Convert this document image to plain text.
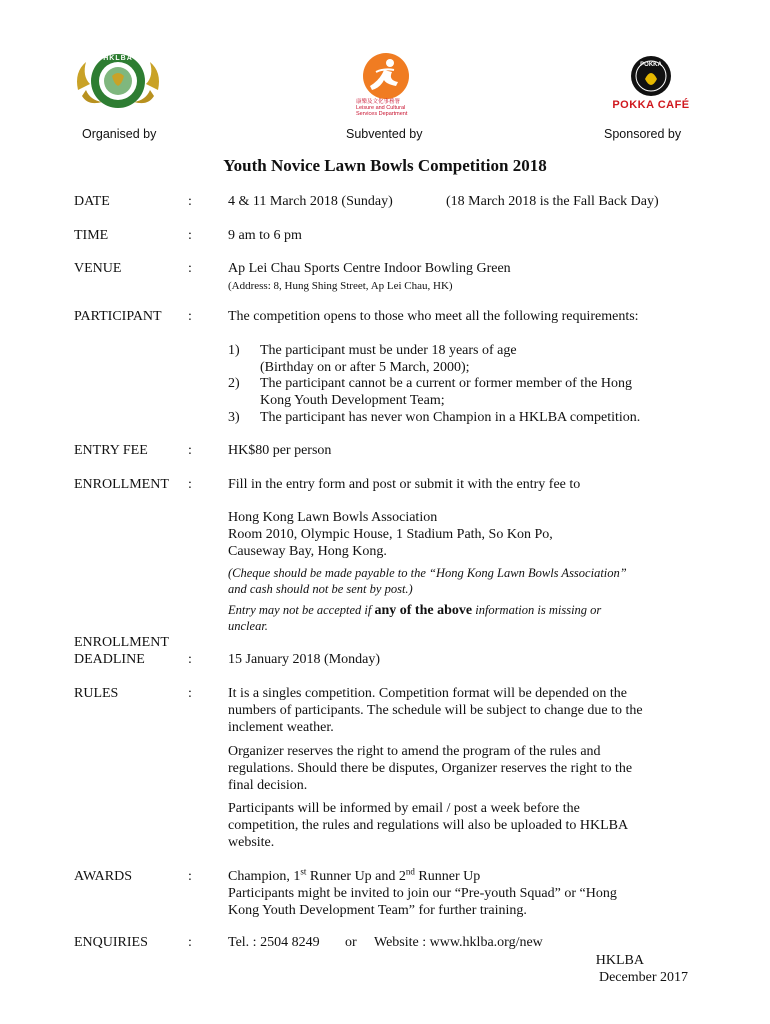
HKLBA
康樂及文化事務署 Leisure and Cultural Services Department
POKKA
POKKA CAFÉ
Organised by	Subvented by	Sponsored by
Youth Novice Lawn Bowls Competition 2018
DATE	:	4 & 11 March 2018 (Sunday)	(18 March 2018 is the Fall Back Day)
TIME	:	9 am to 6 pm
VENUE	:	Ap Lei Chau Sports Centre Indoor Bowling Green
(Address: 8, Hung Shing Street, Ap Lei Chau, HK)
PARTICIPANT :	The competition opens to those who meet all the following requirements:
1) The participant must be under 18 years of age
(Birthday on or after 5 March, 2000);
2) The participant cannot be a current or former member of the Hong
Kong Youth Development Team;
3) The participant has never won Champion in a HKLBA competition.
ENTRY FEE	:	HK$80 per person
ENROLLMENT :	Fill in the entry form and post or submit it with the entry fee to
Hong Kong Lawn Bowls Association
Room 2010, Olympic House, 1 Stadium Path, So Kon Po,
Causeway Bay, Hong Kong.
(Cheque should be made payable to the “Hong Kong Lawn Bowls Association”
and cash should not be sent by post.)
Entry may not be accepted if any of the above information is missing or
unclear.
ENROLLMENT
DEADLINE	:	15 January 2018 (Monday)
RULES	:	It is a singles competition. Competition format will be depended on the
numbers of participants. The schedule will be subject to change due to the
inclement weather.
Organizer reserves the right to amend the program of the rules and
regulations. Should there be disputes, Organizer reserves the right to the
final decision.
Participants will be informed by email / post a week before the
competition, the rules and regulations will also be uploaded to HKLBA
website.
AWARDS	:	Champion, 1st Runner Up and 2nd Runner Up
Participants might be invited to join our “Pre-youth Squad” or “Hong
Kong Youth Development Team” for further training.
ENQUIRIES	:	Tel. : 2504 8249 or Website : www.hklba.org/new
HKLBA
December 2017
